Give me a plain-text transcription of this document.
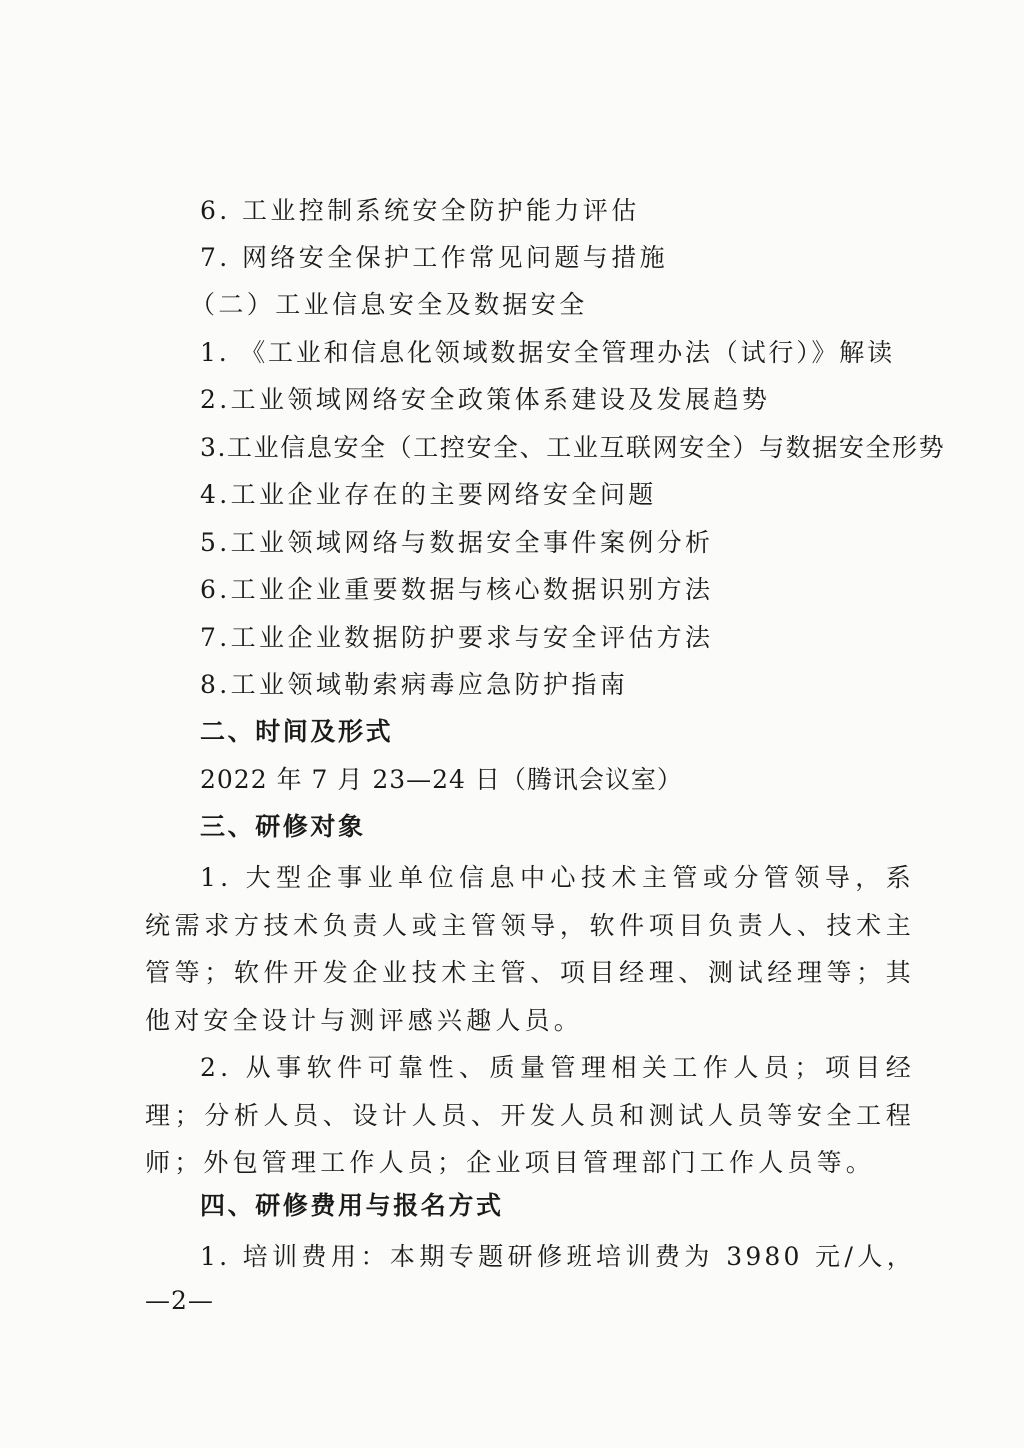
6. 工业控制系统安全防护能力评估
7. 网络安全保护工作常见问题与措施
（二）工业信息安全及数据安全
1. 《工业和信息化领域数据安全管理办法（试行）》解读
2.工业领域网络安全政策体系建设及发展趋势
3.工业信息安全（工控安全、工业互联网安全）与数据安全形势
4.工业企业存在的主要网络安全问题
5.工业领域网络与数据安全事件案例分析
6.工业企业重要数据与核心数据识别方法
7.工业企业数据防护要求与安全评估方法
8.工业领域勒索病毒应急防护指南
二、时间及形式
2022 年 7 月 23—24 日（腾讯会议室）
三、研修对象
1. 大型企事业单位信息中心技术主管或分管领导，系统需求方技术负责人或主管领导，软件项目负责人、技术主管等；软件开发企业技术主管、项目经理、测试经理等；其他对安全设计与测评感兴趣人员。
2. 从事软件可靠性、质量管理相关工作人员；项目经理；分析人员、设计人员、开发人员和测试人员等安全工程师；外包管理工作人员；企业项目管理部门工作人员等。
四、研修费用与报名方式
1. 培训费用：本期专题研修班培训费为 3980 元/人，
—2—
